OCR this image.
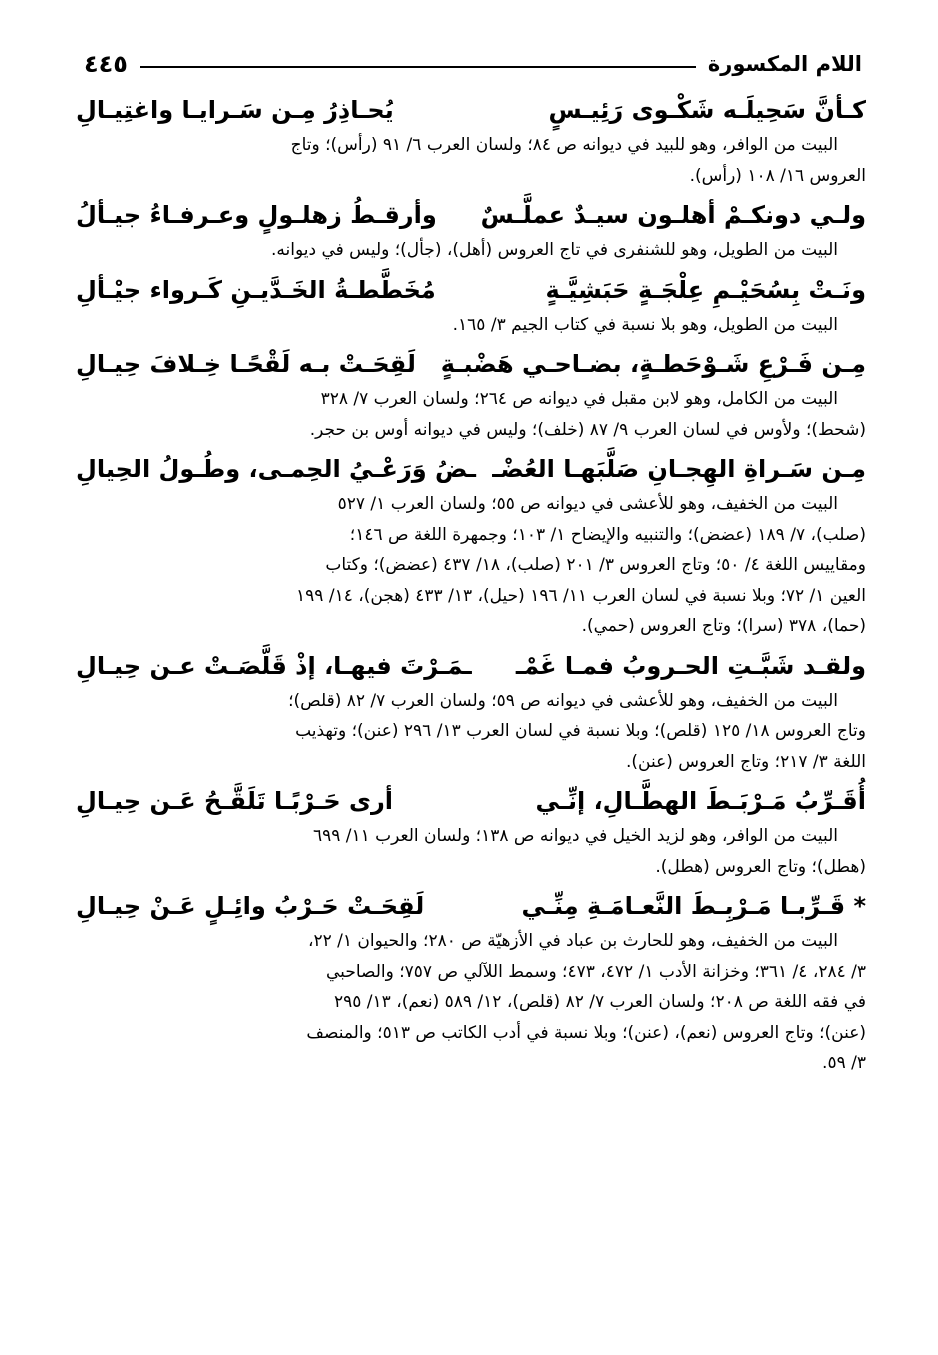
اللام المكسورة
٤٤٥
كـأنَّ سَحِيلَـه شَكْـوى رَئِيـسٍ
يُحـاذِرُ مِـن سَـرايـا واغتِيـالِ
البيت من الوافر، وهو للبيد في ديوانه ص ٨٤؛ ولسان العرب ٦/ ٩١ (رأس)؛ وتاج
العروس ١٦/ ١٠٨ (رأس).
ولـي دونكـمْ أهلـون سيـدٌ عملَّـسٌ
وأرقـطُ زهلـولٍ وعـرفـاءُ جيـألُ
البيت من الطويل، وهو للشنفرى في تاج العروس (أهل)، (جأل)؛ وليس في ديوانه.
ونَـتْ بِسُحَيْـمِ عِلْجَـةٍ حَبَشِيَّـةٍ
مُخَطَّطـةُ الخَـدَّيـنِ كَـرواء جيْـألِ
البيت من الطويل، وهو بلا نسبة في كتاب الجيم ٣/ ١٦٥.
مِـن فَـرْعِ شَـوْحَطـةٍ، بضـاحـي هَضْبـةٍ
لَقِحَـتْ بـه لَقْحًـا خِـلافَ حِيـالِ
البيت من الكامل، وهو لابن مقبل في ديوانه ص ٢٦٤؛ ولسان العرب ٧/ ٣٢٨
(شحط)؛ ولأوس في لسان العرب ٩/ ٨٧ (خلف)؛ وليس في ديوانه أوس بن حجر.
مِـن سَـراةِ الهِجـانِ صَلَّبَهـا العُضْـ
ـضُ وَرَعْـيُ الحِمـى، وطُـولُ الحِيالِ
البيت من الخفيف، وهو للأعشى في ديوانه ص ٥٥؛ ولسان العرب ١/ ٥٢٧
(صلب)، ٧/ ١٨٩ (عضض)؛ والتنبيه والإيضاح ١/ ١٠٣؛ وجمهرة اللغة ص ١٤٦؛
ومقاييس اللغة ٤/ ٥٠؛ وتاج العروس ٣/ ٢٠١ (صلب)، ١٨/ ٤٣٧ (عضض)؛ وكتاب
العين ١/ ٧٢؛ وبلا نسبة في لسان العرب ١١/ ١٩٦ (حيل)، ١٣/ ٤٣٣ (هجن)، ١٤/ ١٩٩
(حما)، ٣٧٨ (سرا)؛ وتاج العروس (حمي).
ولقـد شَبَّـتِ الحـروبُ فمـا غَمْـ
ـمَـرْتَ فيهـا، إذْ قَلَّصَـتْ عـن حِيـالِ
البيت من الخفيف، وهو للأعشى في ديوانه ص ٥٩؛ ولسان العرب ٧/ ٨٢ (قلص)؛
وتاج العروس ١٨/ ١٢٥ (قلص)؛ وبلا نسبة في لسان العرب ١٣/ ٢٩٦ (عنن)؛ وتهذيب
اللغة ٣/ ٢١٧؛ وتاج العروس (عنن).
أُقَـرِّبُ مَـرْبَـطَ الهطَّـالِ، إنِّـي
أرى حَـرْبًـا تَلَقَّـحُ عَـن حِيـالِ
البيت من الوافر، وهو لزيد الخيل في ديوانه ص ١٣٨؛ ولسان العرب ١١/ ٦٩٩
(هطل)؛ وتاج العروس (هطل).
* قَـرِّبـا مَـرْبِـطَ النَّعـامَـةِ مِنِّـي
لَقِحَـتْ حَـرْبُ وائِـلٍ عَـنْ حِيـالِ
البيت من الخفيف، وهو للحارث بن عباد في الأزهيّة ص ٢٨٠؛ والحيوان ١/ ٢٢،
٣/ ٢٨٤، ٤/ ٣٦١؛ وخزانة الأدب ١/ ٤٧٢، ٤٧٣؛ وسمط اللآلي ص ٧٥٧؛ والصاحبي
في فقه اللغة ص ٢٠٨؛ ولسان العرب ٧/ ٨٢ (قلص)، ١٢/ ٥٨٩ (نعم)، ١٣/ ٢٩٥
(عنن)؛ وتاج العروس (نعم)، (عنن)؛ وبلا نسبة في أدب الكاتب ص ٥١٣؛ والمنصف
٣/ ٥٩.
